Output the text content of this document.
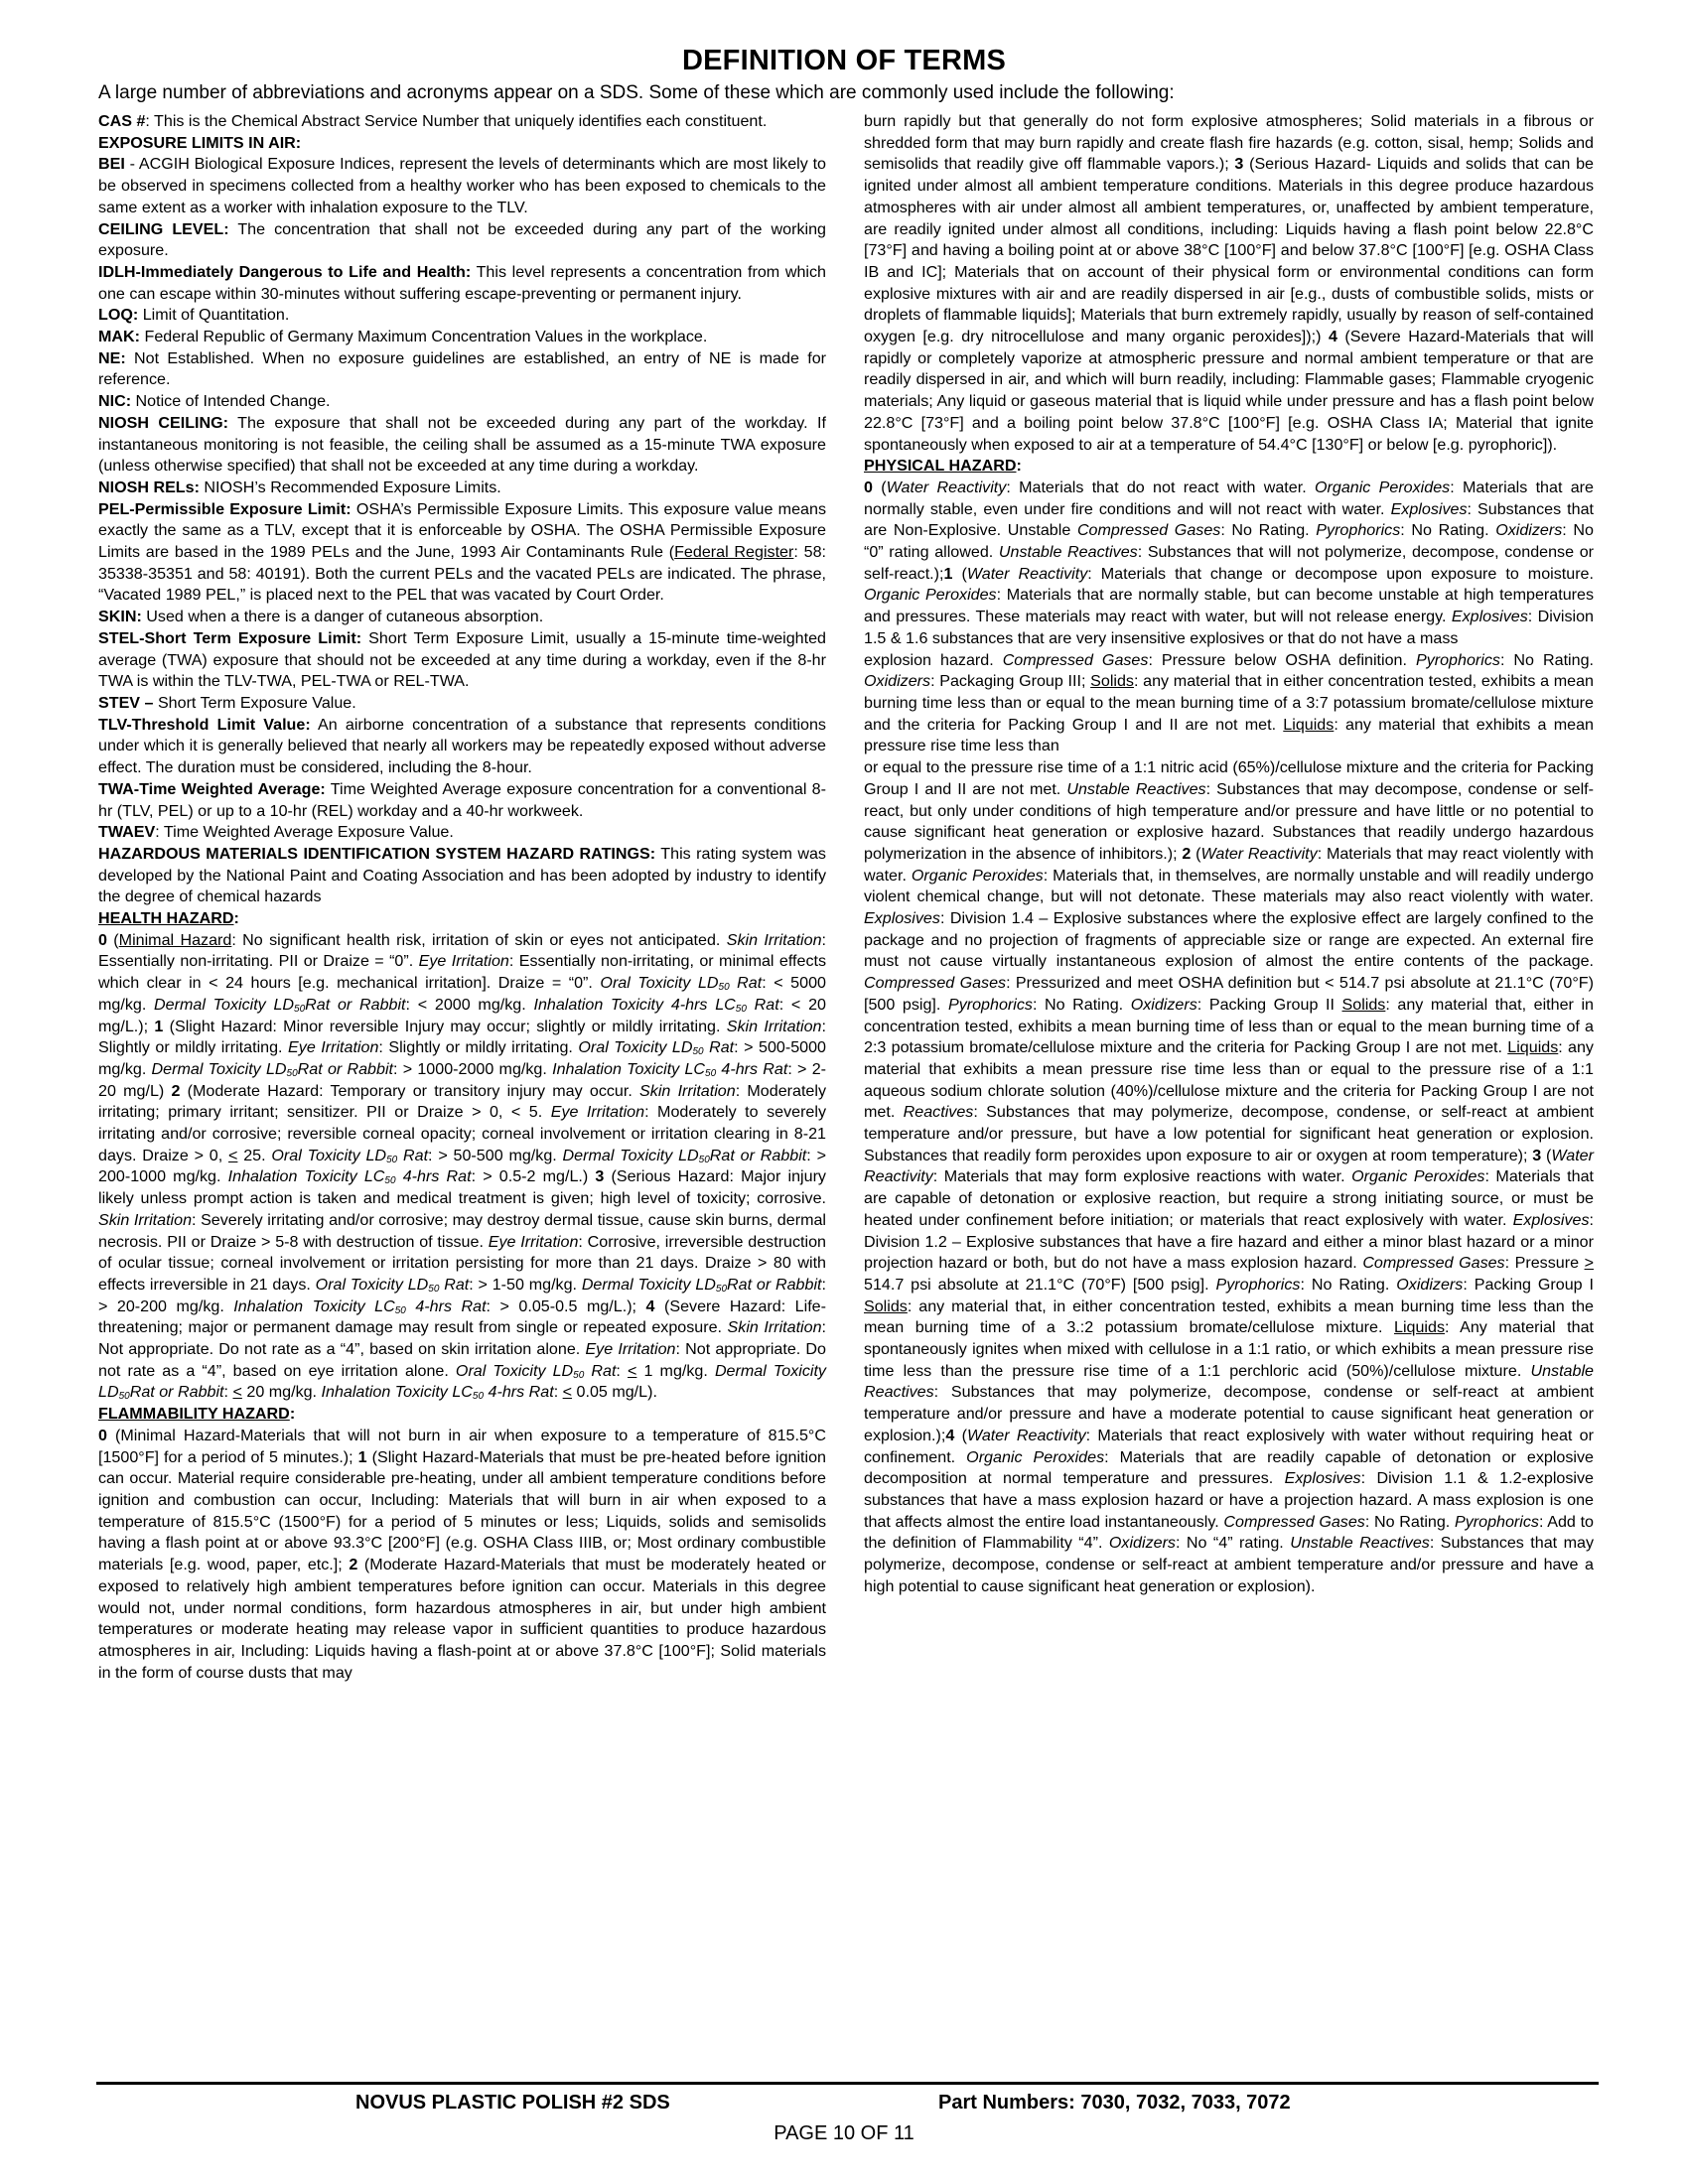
DEFINITION OF TERMS
A large number of abbreviations and acronyms appear on a SDS. Some of these which are commonly used include the following:

CAS #: This is the Chemical Abstract Service Number that uniquely identifies each constituent.

EXPOSURE LIMITS IN AIR:

BEI - ACGIH Biological Exposure Indices, represent the levels of determinants which are most likely to be observed in specimens collected from a healthy worker who has been exposed to chemicals to the same extent as a worker with inhalation exposure to the TLV.

CEILING LEVEL: The concentration that shall not be exceeded during any part of the working exposure.

IDLH-Immediately Dangerous to Life and Health: This level represents a concentration from which one can escape within 30-minutes without suffering escape-preventing or permanent injury.

LOQ: Limit of Quantitation.

MAK: Federal Republic of Germany Maximum Concentration Values in the workplace.

NE: Not Established. When no exposure guidelines are established, an entry of NE is made for reference.

NIC: Notice of Intended Change.

NIOSH CEILING: The exposure that shall not be exceeded during any part of the workday. If instantaneous monitoring is not feasible, the ceiling shall be assumed as a 15-minute TWA exposure (unless otherwise specified) that shall not be exceeded at any time during a workday.

NIOSH RELs: NIOSH’s Recommended Exposure Limits.

PEL-Permissible Exposure Limit: OSHA’s Permissible Exposure Limits. This exposure value means exactly the same as a TLV, except that it is enforceable by OSHA. The OSHA Permissible Exposure Limits are based in the 1989 PELs and the June, 1993 Air Contaminants Rule (Federal Register: 58: 35338-35351 and 58: 40191). Both the current PELs and the vacated PELs are indicated. The phrase, “Vacated 1989 PEL,” is placed next to the PEL that was vacated by Court Order.

SKIN: Used when a there is a danger of cutaneous absorption.

STEL-Short Term Exposure Limit: Short Term Exposure Limit, usually a 15-minute time-weighted average (TWA) exposure that should not be exceeded at any time during a workday, even if the 8-hr TWA is within the TLV-TWA, PEL-TWA or REL-TWA.

STEV – Short Term Exposure Value.

TLV-Threshold Limit Value: An airborne concentration of a substance that represents conditions under which it is generally believed that nearly all workers may be repeatedly exposed without adverse effect. The duration must be considered, including the 8-hour.

TWA-Time Weighted Average: Time Weighted Average exposure concentration for a conventional 8-hr (TLV, PEL) or up to a 10-hr (REL) workday and a 40-hr workweek.

TWAEV: Time Weighted Average Exposure Value.

HAZARDOUS MATERIALS IDENTIFICATION SYSTEM HAZARD RATINGS: This rating system was developed by the National Paint and Coating Association and has been adopted by industry to identify the degree of chemical hazards

HEALTH HAZARD:

0 (Minimal Hazard: No significant health risk, irritation of skin or eyes not anticipated. Skin Irritation: Essentially non-irritating. PII or Draize = “0”. Eye Irritation: Essentially non-irritating, or minimal effects which clear in < 24 hours [e.g. mechanical irritation]. Draize = “0”. Oral Toxicity $LD_{50}$ Rat: < 5000 mg/kg. Dermal Toxicity $LD_{50}Rat$ or Rabbit: < 2000 mg/kg. Inhalation Toxicity 4-hrs $LC_{50}$ Rat: < 20 mg/L.); 1 (Slight Hazard: Minor reversible Injury may occur; slightly or mildly irritating. Skin Irritation: Slightly or mildly irritating. Eye Irritation: Slightly or mildly irritating. Oral Toxicity $LD_{50}$ Rat: > 500-5000 mg/kg. Dermal Toxicity $LD_{50}Rat$ or Rabbit: > 1000-2000 mg/kg. Inhalation Toxicity $LC_{50}$ 4-hrs Rat: > 2-20 mg/L) 2 (Moderate Hazard: Temporary or transitory injury may occur. Skin Irritation: Moderately irritating; primary irritant; sensitizer. PII or Draize > 0, < 5. Eye Irritation: Moderately to severely irritating and/or corrosive; reversible corneal opacity; corneal involvement or irritation clearing in 8-21 days. Draize > 0, < 25. Oral Toxicity $LD_{50}$ Rat: > 50-500 mg/kg. Dermal Toxicity $LD_{50}Rat$ or Rabbit: > 200-1000 mg/kg. Inhalation Toxicity $LC_{50}$ 4-hrs Rat: > 0.5-2 mg/L.) 3 (Serious Hazard: Major injury likely unless prompt action is taken and medical treatment is given; high level of toxicity; corrosive. Skin Irritation: Severely irritating and/or corrosive; may destroy dermal tissue, cause skin burns, dermal necrosis. PII or Draize > 5-8 with destruction of tissue. Eye Irritation: Corrosive, irreversible destruction of ocular tissue; corneal involvement or irritation persisting for more than 21 days. Draize > 80 with effects irreversible in 21 days. Oral Toxicity $LD_{50}$ Rat: > 1-50 mg/kg. Dermal Toxicity $LD_{50}Rat$ or Rabbit: > 20-200 mg/kg. Inhalation Toxicity $LC_{50}$ 4-hrs Rat: > 0.05-0.5 mg/L.); 4 (Severe Hazard: Life-threatening; major or permanent damage may result from single or repeated exposure. Skin Irritation: Not appropriate. Do not rate as a “4”, based on skin irritation alone. Eye Irritation: Not appropriate. Do not rate as a “4”, based on eye irritation alone. Oral Toxicity $LD_{50}$ Rat: < 1 mg/kg. Dermal Toxicity $LD_{50}Rat$ or Rabbit: < 20 mg/kg. Inhalation Toxicity $LC_{50}$ 4-hrs Rat: < 0.05 mg/L).

FLAMMABILITY HAZARD:

0 (Minimal Hazard-Materials that will not burn in air when exposure to a temperature of 815.5°C [1500°F] for a period of 5 minutes.); 1 (Slight Hazard-Materials that must be pre-heated before ignition can occur. Material require considerable pre-heating, under all ambient temperature conditions before ignition and combustion can occur, Including: Materials that will burn in air when exposed to a temperature of 815.5°C (1500°F) for a period of 5 minutes or less; Liquids, solids and semisolids having a flash point at or above 93.3°C [200°F] (e.g. OSHA Class IIIB, or; Most ordinary combustible materials [e.g. wood, paper, etc.]; 2 (Moderate Hazard-Materials that must be moderately heated or exposed to relatively high ambient temperatures before ignition can occur. Materials in this degree would not, under normal conditions, form hazardous atmospheres in air, but under high ambient temperatures or moderate heating may release vapor in sufficient quantities to produce hazardous atmospheres in air, Including: Liquids having a flash-point at or above 37.8°C [100°F]; Solid materials in the form of course dusts that may

burn rapidly but that generally do not form explosive atmospheres; Solid materials in a fibrous or shredded form that may burn rapidly and create flash fire hazards (e.g. cotton, sisal, hemp; Solids and semisolids that readily give off flammable vapors.); 3 (Serious Hazard- Liquids and solids that can be ignited under almost all ambient temperature conditions. Materials in this degree produce hazardous atmospheres with air under almost all ambient temperatures, or, unaffected by ambient temperature, are readily ignited under almost all conditions, including: Liquids having a flash point below 22.8°C [73°F] and having a boiling point at or above 38°C [100°F] and below 37.8°C [100°F] [e.g. OSHA Class IB and IC]; Materials that on account of their physical form or environmental conditions can form explosive mixtures with air and are readily dispersed in air [e.g., dusts of combustible solids, mists or droplets of flammable liquids]; Materials that burn extremely rapidly, usually by reason of self-contained oxygen [e.g. dry nitrocellulose and many organic peroxides]);) 4 (Severe Hazard-Materials that will rapidly or completely vaporize at atmospheric pressure and normal ambient temperature or that are readily dispersed in air, and which will burn readily, including: Flammable gases; Flammable cryogenic materials; Any liquid or gaseous material that is liquid while under pressure and has a flash point below 22.8°C [73°F] and a boiling point below 37.8°C [100°F] [e.g. OSHA Class IA; Material that ignite spontaneously when exposed to air at a temperature of 54.4°C [130°F] or below [e.g. pyrophoric]).

PHYSICAL HAZARD:

0 (Water Reactivity: Materials that do not react with water. Organic Peroxides: Materials that are normally stable, even under fire conditions and will not react with water. Explosives: Substances that are Non-Explosive. Unstable Compressed Gases: No Rating. Pyrophorics: No Rating. Oxidizers: No “0” rating allowed. Unstable Reactives: Substances that will not polymerize, decompose, condense or self-react.);1 (Water Reactivity: Materials that change or decompose upon exposure to moisture. Organic Peroxides: Materials that are normally stable, but can become unstable at high temperatures and pressures. These materials may react with water, but will not release energy. Explosives: Division 1.5 & 1.6 substances that are very insensitive explosives or that do not have a mass

explosion hazard. Compressed Gases: Pressure below OSHA definition. Pyrophorics: No Rating. Oxidizers: Packaging Group III; Solids: any material that in either concentration tested, exhibits a mean burning time less than or equal to the mean burning time of a 3:7 potassium bromate/cellulose mixture and the criteria for Packing Group I and II are not met. Liquids: any material that exhibits a mean pressure rise time less than

or equal to the pressure rise time of a 1:1 nitric acid (65%)/cellulose mixture and the criteria for Packing Group I and II are not met. Unstable Reactives: Substances that may decompose, condense or self-react, but only under conditions of high temperature and/or pressure and have little or no potential to cause significant heat generation or explosive hazard. Substances that readily undergo hazardous polymerization in the absence of inhibitors.); 2 (Water Reactivity: Materials that may react violently with water. Organic Peroxides: Materials that, in themselves, are normally unstable and will readily undergo violent chemical change, but will not detonate. These materials may also react violently with water. Explosives: Division 1.4 – Explosive substances where the explosive effect are largely confined to the package and no projection of fragments of appreciable size or range are expected. An external fire must not cause virtually instantaneous explosion of almost the entire contents of the package. Compressed Gases: Pressurized and meet OSHA definition but < 514.7 psi absolute at 21.1°C (70°F) [500 psig]. Pyrophorics: No Rating. Oxidizers: Packing Group II Solids: any material that, either in concentration tested, exhibits a mean burning time of less than or equal to the mean burning time of a 2:3 potassium bromate/cellulose mixture and the criteria for Packing Group I are not met. Liquids: any material that exhibits a mean pressure rise time less than or equal to the pressure rise of a 1:1 aqueous sodium chlorate solution (40%)/cellulose mixture and the criteria for Packing Group I are not met. Reactives: Substances that may polymerize, decompose, condense, or self-react at ambient temperature and/or pressure, but have a low potential for significant heat generation or explosion. Substances that readily form peroxides upon exposure to air or oxygen at room temperature); 3 (Water Reactivity: Materials that may form explosive reactions with water. Organic Peroxides: Materials that are capable of detonation or explosive reaction, but require a strong initiating source, or must be heated under confinement before initiation; or materials that react explosively with water. Explosives: Division 1.2 – Explosive substances that have a fire hazard and either a minor blast hazard or a minor projection hazard or both, but do not have a mass explosion hazard. Compressed Gases: Pressure > 514.7 psi absolute at 21.1°C (70°F) [500 psig]. Pyrophorics: No Rating. Oxidizers: Packing Group I Solids: any material that, in either concentration tested, exhibits a mean burning time less than the mean burning time of a 3.:2 potassium bromate/cellulose mixture. Liquids: Any material that spontaneously ignites when mixed with cellulose in a 1:1 ratio, or which exhibits a mean pressure rise time less than the pressure rise time of a 1:1 perchloric acid (50%)/cellulose mixture. Unstable Reactives: Substances that may polymerize, decompose, condense or self-react at ambient temperature and/or pressure and have a moderate potential to cause significant heat generation or explosion.);4 (Water Reactivity: Materials that react explosively with water without requiring heat or confinement. Organic Peroxides: Materials that are readily capable of detonation or explosive decomposition at normal temperature and pressures. Explosives: Division 1.1 & 1.2-explosive substances that have a mass explosion hazard or have a projection hazard. A mass explosion is one that affects almost the entire load instantaneously. Compressed Gases: No Rating. Pyrophorics: Add to the definition of Flammability “4”. Oxidizers: No “4” rating. Unstable Reactives: Substances that may polymerize, decompose, condense or self-react at ambient temperature and/or pressure and have a high potential to cause significant heat generation or explosion).

NOVUS PLASTIC POLISH #2 SDS	Part Numbers: 7030, 7032, 7033, 7072
PAGE 10 OF 11
